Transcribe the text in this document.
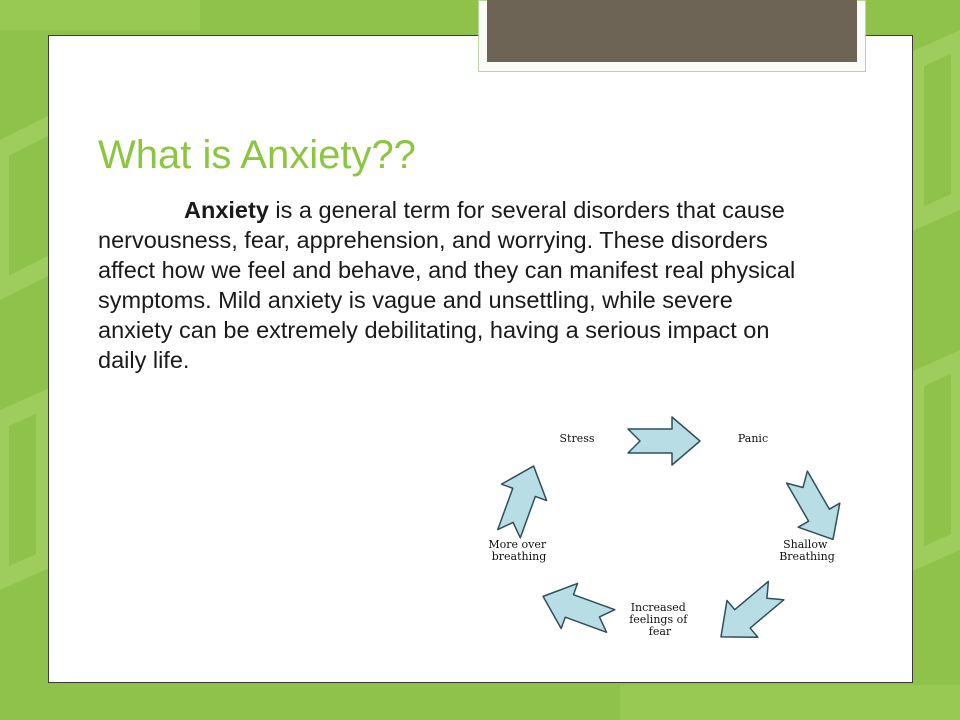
What is Anxiety??

Anxiety is a general term for several disorders that cause nervousness, fear, apprehension, and worrying. These disorders affect how we feel and behave, and they can manifest real physical symptoms. Mild anxiety is vague and unsettling, while severe anxiety can be extremely debilitating, having a serious impact on daily life.

Stress	Panic
Shallow Breathing
Increased feelings of fear
More over breathing
